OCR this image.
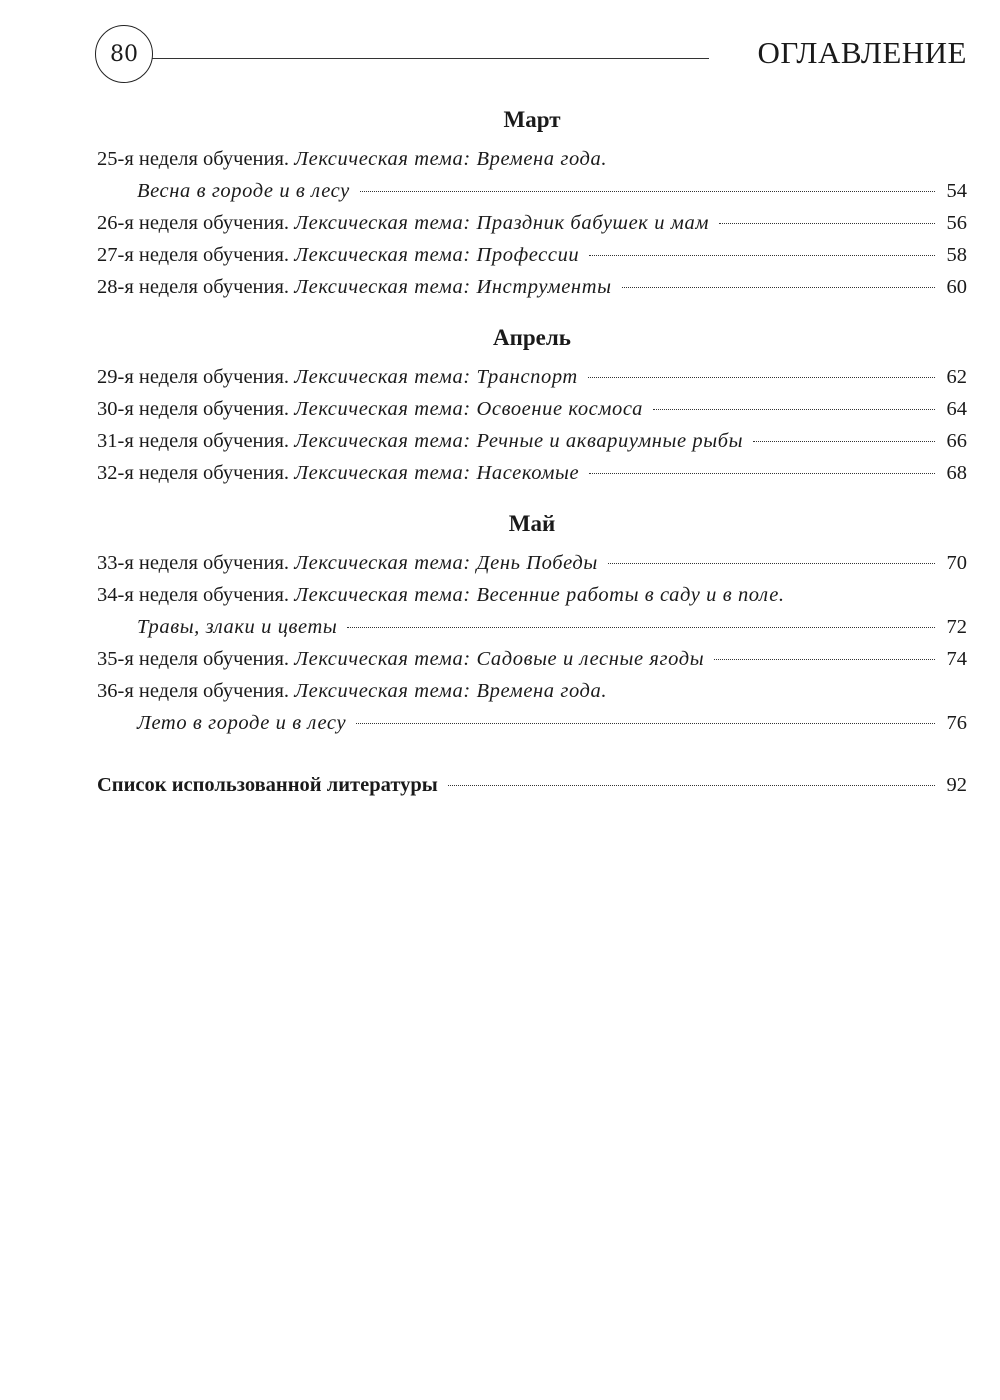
80	ОГЛАВЛЕНИЕ
Март
25-я неделя обучения.
Лексическая тема: Времена года.
Весна в городе и в лесу	54
26-я неделя обучения.
Лексическая тема: Праздник бабушек и мам	56
27-я неделя обучения.
Лексическая тема: Профессии	58
28-я неделя обучения.
Лексическая тема: Инструменты	60
Апрель
29-я неделя обучения.
Лексическая тема: Транспорт	62
30-я неделя обучения.
Лексическая тема: Освоение космоса	64
31-я неделя обучения.
Лексическая тема: Речные и аквариумные рыбы	66
32-я неделя обучения.
Лексическая тема: Насекомые	68
Май
33-я неделя обучения.
Лексическая тема: День Победы	70
34-я неделя обучения.
Лексическая тема: Весенние работы в саду и в поле.
Травы, злаки и цветы	72
35-я неделя обучения.
Лексическая тема: Садовые и лесные ягоды	74
36-я неделя обучения.
Лексическая тема: Времена года.
Лето в городе и в лесу	76
Список использованной литературы	92
